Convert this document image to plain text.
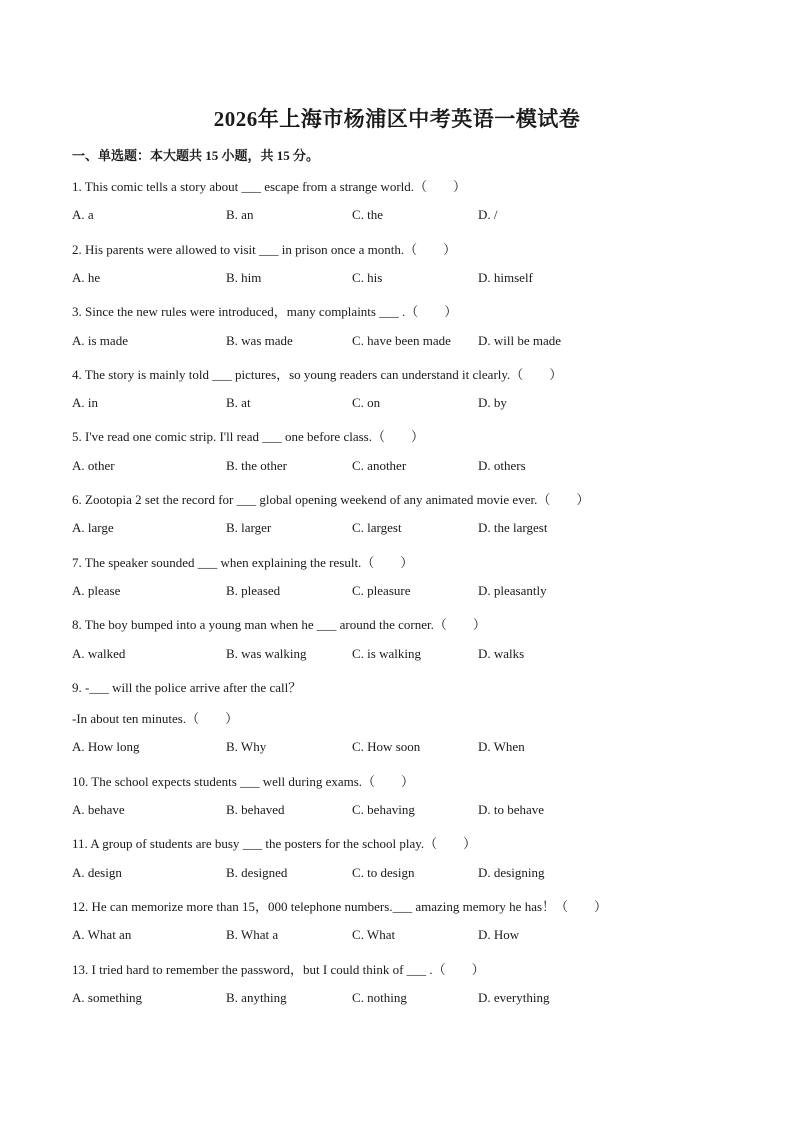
2026年上海市杨浦区中考英语一模试卷
一、单选题：本大题共 15 小题，共 15 分。
1. This comic tells a story about ___ escape from a strange world.（　　）
A. a	B. an	C. the	D. /
2. His parents were allowed to visit ___ in prison once a month.（　　）
A. he	B. him	C. his	D. himself
3. Since the new rules were introduced，many complaints ___ .（　　）
A. is made	B. was made	C. have been made D. will be made
4. The story is mainly told ___ pictures，so young readers can understand it clearly.（　　）
A. in	B. at	C. on	D. by
5. I've read one comic strip. I'll read ___ one before class.（　　）
A. other	B. the other	C. another	D. others
6. Zootopia 2 set the record for ___ global opening weekend of any animated movie ever.（　　）
A. large	B. larger	C. largest	D. the largest
7. The speaker sounded ___ when explaining the result.（　　）
A. please	B. pleased	C. pleasure	D. pleasantly
8. The boy bumped into a young man when he ___ around the corner.（　　）
A. walked	B. was walking	C. is walking	D. walks
9. -___ will the police arrive after the call？
-In about ten minutes.（　　）
A. How long	B. Why	C. How soon	D. When
10. The school expects students ___ well during exams.（　　）
A. behave	B. behaved	C. behaving	D. to behave
11. A group of students are busy ___ the posters for the school play.（　　）
A. design	B. designed	C. to design	D. designing
12. He can memorize more than 15，000 telephone numbers.___ amazing memory he has！（　　）
A. What an	B. What a	C. What	D. How
13. I tried hard to remember the password，but I could think of ___ .（　　）
A. something	B. anything	C. nothing	D. everything
